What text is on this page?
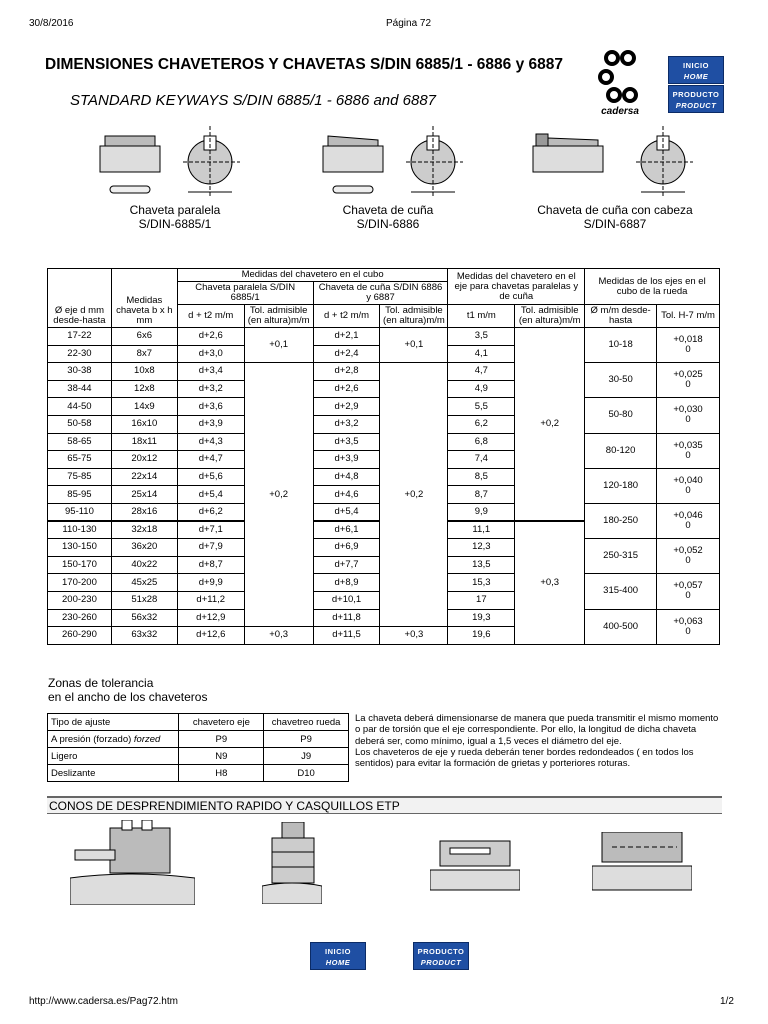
30/8/2016	Página 72
http://www.cadersa.es/Pag72.htm	1/2
DIMENSIONES CHAVETEROS Y CHAVETAS S/DIN 6885/1 - 6886 y 6887
STANDARD KEYWAYS S/DIN 6885/1 - 6886 and 6887
cadersa
INICIO
HOME
PRODUCTO
PRODUCT
Chaveta paralela
S/DIN-6885/1
Chaveta de cuña
S/DIN-6886
Chaveta de cuña con cabeza
S/DIN-6887
Ø eje d mm desde-hasta	Medidas chaveta b x h mm	Medidas del chavetero en el cubo				Medidas del chavetero en el eje para chavetas paralelas y de cuña		Medidas de los ejes en el cubo de la rueda	
		Chaveta paralela S/DIN 6885/1		Chaveta de cuña S/DIN 6886 y 6887					
		d + t2 m/m	Tol. admisible (en altura)m/m	d + t2 m/m	Tol. admisible (en altura)m/m	t1 m/m	Tol. admisible (en altura)m/m	Ø m/m desde-hasta	Tol. H-7 m/m
17-22	6x6	d+2,6	+0,1	d+2,1	+0,1	3,5	+0,2	10-18	+0,018
0

22-30	8x7	d+3,0		d+2,4		4,1			
30-38	10x8	d+3,4	+0,2	d+2,8	+0,2	4,7		30-50	+0,025
0

38-44	12x8	d+3,2		d+2,6		4,9			
44-50	14x9	d+3,6		d+2,9		5,5		50-80	+0,030
0

50-58	16x10	d+3,9		d+3,2		6,2			
58-65	18x11	d+4,3		d+3,5		6,8		80-120	+0,035
0

65-75	20x12	d+4,7		d+3,9		7,4			
75-85	22x14	d+5,6		d+4,8		8,5		120-180	+0,040
0

85-95	25x14	d+5,4		d+4,6		8,7			
95-110	28x16	d+6,2		d+5,4		9,9		180-250	+0,046
0

110-130	32x18	d+7,1		d+6,1		11,1	+0,3		
130-150	36x20	d+7,9		d+6,9		12,3		250-315	+0,052
0

150-170	40x22	d+8,7		d+7,7		13,5			
170-200	45x25	d+9,9		d+8,9		15,3		315-400	+0,057
0

200-230	51x28	d+11,2		d+10,1		17			
230-260	56x32	d+12,9		d+11,8		19,3		400-500	+0,063
0

260-290	63x32	d+12,6	+0,3	d+11,5	+0,3	19,6			
Zonas de tolerancia
en el ancho de los chaveteros
Tipo de ajuste	chavetero eje	chavetreo rueda
A presión (forzado) forzed	P9	P9
Ligero	N9	J9
Deslizante	H8	D10
La chaveta deberá dimensionarse de manera que pueda transmitir el mismo momento o par de torsión que el eje correspondiente. Por ello, la longitud de dicha chaveta deberá ser, como mínimo, igual a 1,5 veces el diámetro del eje.
Los chaveteros de eje y rueda deberán tener bordes redondeados ( en todos los sentidos) para evitar la formación de grietas y porteriores roturas.
CONOS DE DESPRENDIMIENTO RAPIDO Y CASQUILLOS ETP
INICIO
HOME
PRODUCTO
PRODUCT
